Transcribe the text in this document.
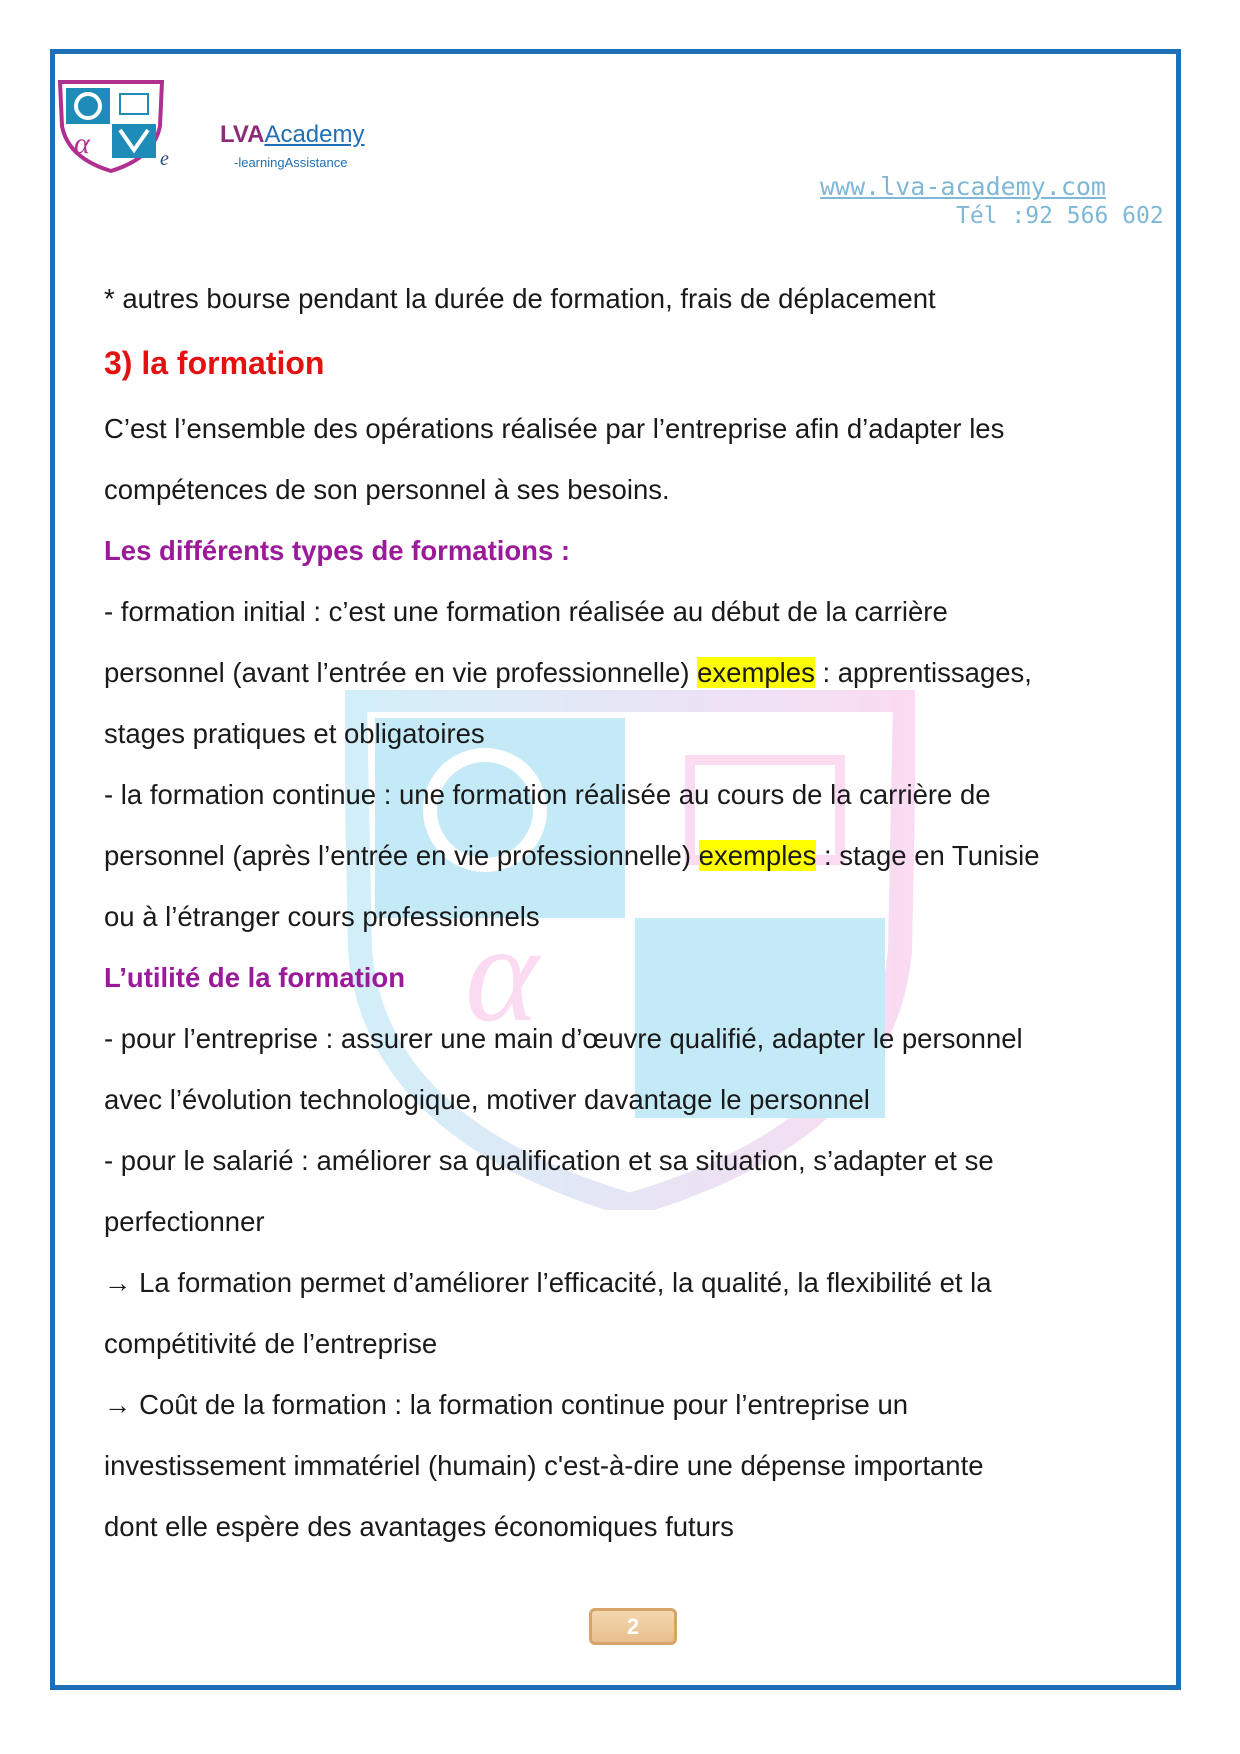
α
α	e
LVAAcademy
-learningAssistance
www.lva-academy.com
Tél :92 566 602
* autres bourse pendant la durée de formation, frais de déplacement
3) la formation
C’est l’ensemble des opérations réalisée par l’entreprise afin d’adapter les
compétences de son personnel à ses besoins.
Les différents types de formations :
- formation initial : c’est une formation réalisée au début de la carrière
personnel (avant l’entrée en vie professionnelle) exemples : apprentissages,
stages pratiques et obligatoires
- la formation continue : une formation réalisée au cours de la carrière de
personnel (après l’entrée en vie professionnelle) exemples : stage en Tunisie
ou à l’étranger cours professionnels
L’utilité de la formation
- pour l’entreprise : assurer une main d’œuvre qualifié, adapter le personnel
avec l’évolution technologique, motiver davantage le personnel
- pour le salarié : améliorer sa qualification et sa situation, s’adapter et se
perfectionner
→ La formation permet d’améliorer l’efficacité, la qualité, la flexibilité et la
compétitivité de l’entreprise
→ Coût de la formation : la formation continue pour l’entreprise un
investissement immatériel (humain) c'est-à-dire une dépense importante
dont elle espère des avantages économiques futurs
2
